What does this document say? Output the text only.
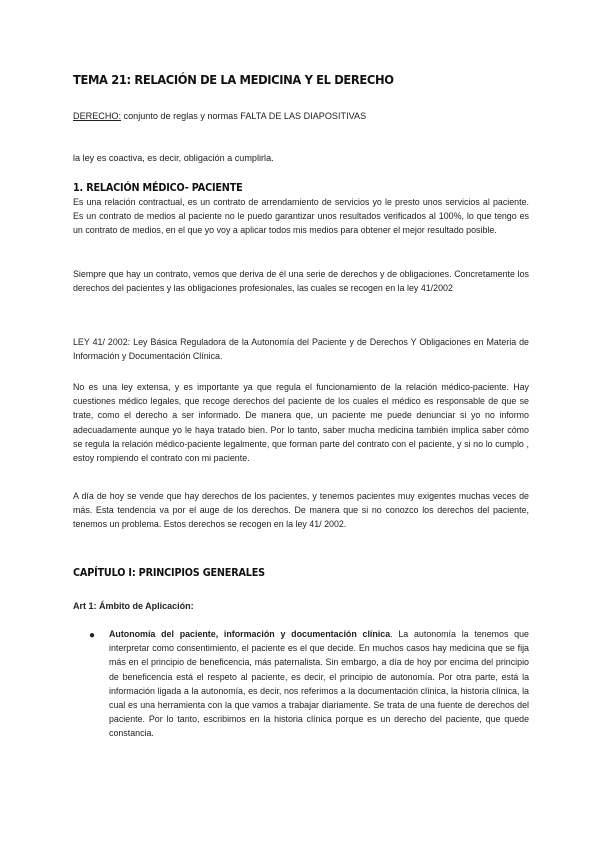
TEMA 21: RELACIÓN DE LA MEDICINA Y EL DERECHO
DERECHO: conjunto de reglas y normas FALTA DE LAS DIAPOSITIVAS
la ley es coactiva, es decir, obligación a cumplirla.
1. RELACIÓN MÉDICO- PACIENTE
Es una relación contractual, es un contrato de arrendamiento de servicios yo le presto unos servicios al paciente. Es un contrato de medios al paciente no le puedo garantizar unos resultados verificados al 100%, lo que tengo es un contrato de medios, en el que yo voy a aplicar todos mis medios para obtener el mejor resultado posible.
Siempre que hay un contrato, vemos que deriva de él una serie de derechos y de obligaciones. Concretamente los derechos del pacientes y las obligaciones profesionales, las cuales se recogen en la ley 41/2002
LEY 41/ 2002: Ley Básica Reguladora de la Autonomía del Paciente y de Derechos Y Obligaciones en Materia de Información y Documentación Clínica.
No es una ley extensa, y es importante ya que regula el funcionamiento de la relación médico-paciente. Hay cuestiones médico legales, que recoge derechos del paciente de los cuales el médico es responsable de que se trate, como el derecho a ser informado. De manera que, un paciente me puede denunciar si yo no informo adecuadamente aunque yo le haya tratado bien. Por lo tanto, saber mucha medicina también implica saber cómo se regula la relación médico-paciente legalmente, que forman parte del contrato con el paciente, y si no lo cumplo , estoy rompiendo el contrato con mi paciente.
A día de hoy se vende que hay derechos de los pacientes, y tenemos pacientes muy exigentes muchas veces de más. Esta tendencia va por el auge de los derechos. De manera que si no conozco los derechos del paciente, tenemos un problema. Estos derechos se recogen en la ley 41/ 2002.
CAPÍTULO I: PRINCIPIOS GENERALES
Art 1: Ámbito de Aplicación:
● Autonomía del paciente, información y documentación clínica. La autonomía la tenemos que interpretar como consentimiento, el paciente es el que decide. En muchos casos hay medicina que se fija más en el principio de beneficencia, más paternalista. Sin embargo, a día de hoy por encima del principio de beneficencia está el respeto al paciente, es decir, el principio de autonomía. Por otra parte, está la información ligada a la autonomía, es decir, nos referimos a la documentación clínica, la historia clínica, la cual es una herramienta con la que vamos a trabajar diariamente. Se trata de una fuente de derechos del paciente. Por lo tanto, escribimos en la historia clínica porque es un derecho del paciente, que quede constancia.
